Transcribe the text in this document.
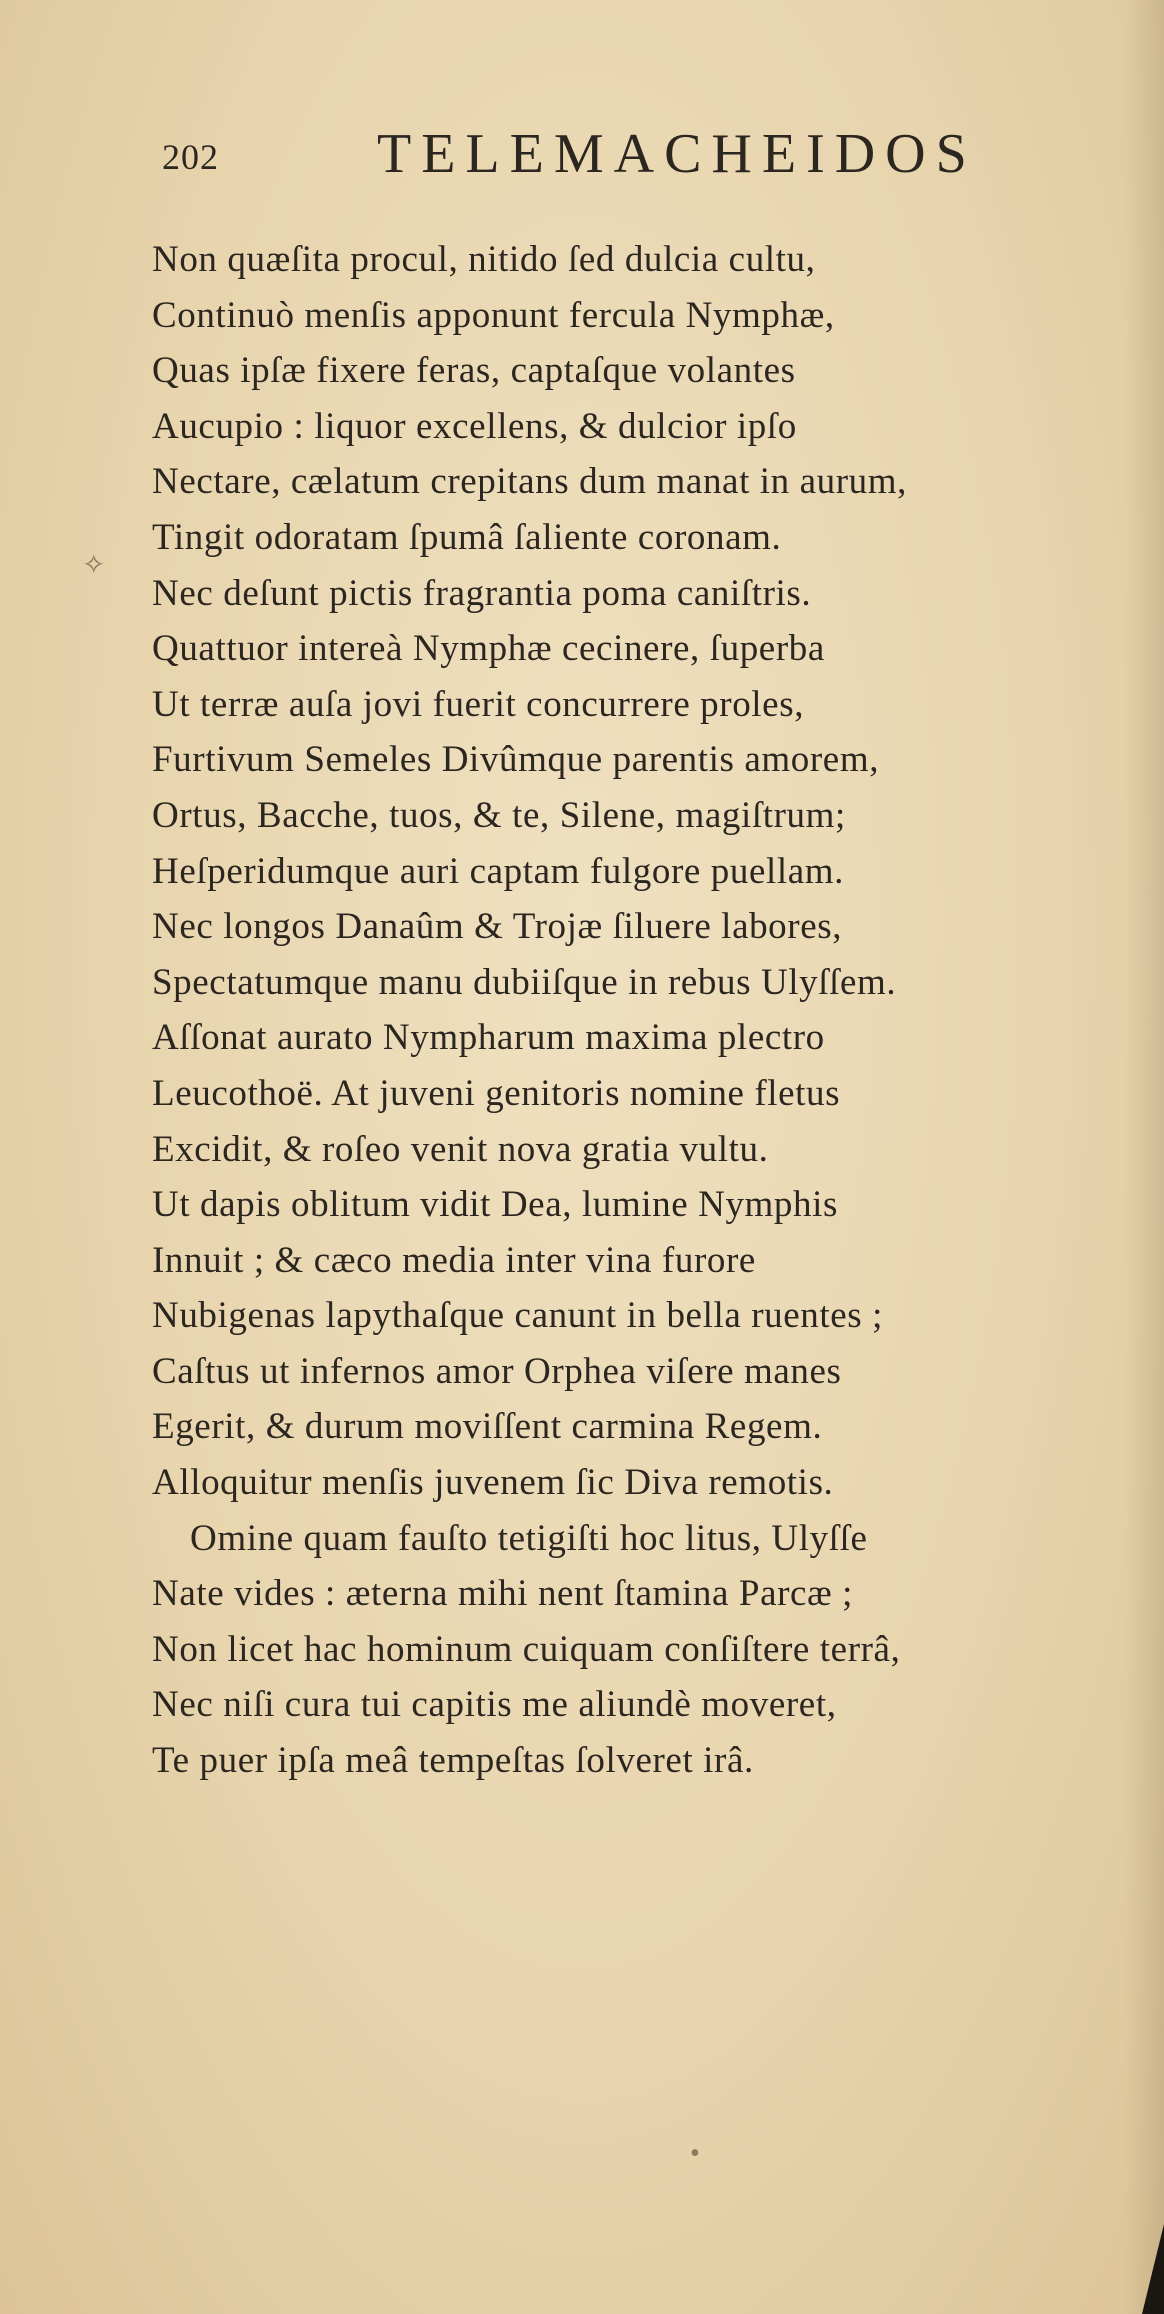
202	TELEMACHEIDOS
Non quæſita procul, nitido ſed dulcia cultu,
Continuò menſis apponunt fercula Nymphæ,
Quas ipſæ fixere feras, captaſque volantes
Aucupio : liquor excellens, & dulcior ipſo
Nectare, cælatum crepitans dum manat in aurum,
Tingit odoratam ſpumâ ſaliente coronam.
Nec deſunt pictis fragrantia poma caniſtris.
Quattuor intereà Nymphæ cecinere, ſuperba
Ut terræ auſa jovi fuerit concurrere proles,
Furtivum Semeles Divûmque parentis amorem,
Ortus, Bacche, tuos, & te, Silene, magiſtrum;
Heſperidumque auri captam fulgore puellam.
Nec longos Danaûm & Trojæ ſiluere labores,
Spectatumque manu dubiiſque in rebus Ulyſſem.
Aſſonat aurato Nympharum maxima plectro
Leucothoë. At juveni genitoris nomine fletus
Excidit, & roſeo venit nova gratia vultu.
Ut dapis oblitum vidit Dea, lumine Nymphis
Innuit ; & cæco media inter vina furore
Nubigenas lapythaſque canunt in bella ruentes ;
Caſtus ut infernos amor Orphea viſere manes
Egerit, & durum moviſſent carmina Regem.
Alloquitur menſis juvenem ſic Diva remotis.
Omine quam fauſto tetigiſti hoc litus, Ulyſſe
Nate vides : æterna mihi nent ſtamina Parcæ ;
Non licet hac hominum cuiquam conſiſtere terrâ,
Nec niſi cura tui capitis me aliundè moveret,
Te puer ipſa meâ tempeſtas ſolveret irâ.
✧
•
